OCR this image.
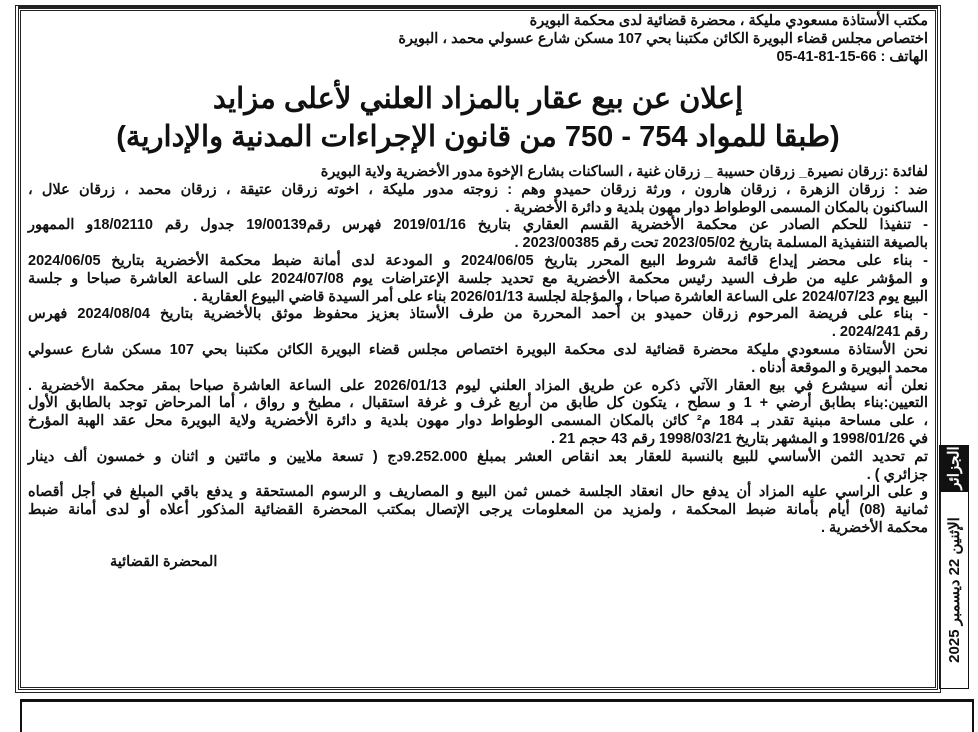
مكتب الأستاذة مسعودي مليكة ، محضرة قضائية لدى محكمة البويرة
اختصاص مجلس قضاء البويرة الكائن مكتبنا بحي 107 مسكن شارع عسولي محمد ، البويرة
الهاتف : 66-15-81-41-05
إعلان عن بيع عقار بالمزاد العلني لأعلى مزايد
(طبقا للمواد 754 - 750 من قانون الإجراءات المدنية والإدارية)
لفائدة :زرقان نصيرة_ زرقان حسيبة _ زرقان غنية ، الساكنات بشارع الإخوة مدور الأخضرية ولاية البويرة
ضد : زرقان الزهرة ، زرقان هارون ، ورثة زرقان حميدو وهم : زوجته مدور مليكة ، اخوته زرقان عتيقة ، زرقان محمد ، زرقان علال ،
الساكنون بالمكان المسمى الوطواط دوار مهون بلدية و دائرة الأخضرية .
- تنفيذا للحكم الصادر عن محكمة الأخضرية القسم العقاري بتاريخ 2019/01/16 فهرس رقم19/00139 جدول رقم 18/02110و الممهور
بالصيغة التنفيذية المسلمة بتاريخ 2023/05/02 تحت رقم 2023/00385 .
- بناء على محضر إيداع قائمة شروط البيع المحرر بتاريخ 2024/06/05 و المودعة لدى أمانة ضبط محكمة الأخضرية بتاريخ 2024/06/05
و المؤشر عليه من طرف السيد رئيس محكمة الأخضرية مع تحديد جلسة الإعتراضات يوم 2024/07/08 على الساعة العاشرة صباحا و جلسة
البيع يوم 2024/07/23 على الساعة العاشرة صباحا ، والمؤجلة لجلسة 2026/01/13 بناء على أمر السيدة قاضي البيوع العقارية .
- بناء على فريضة المرحوم زرقان حميدو بن أحمد المحررة من طرف الأستاذ بعزيز محفوظ موثق بالأخضرية بتاريخ 2024/08/04 فهرس
رقم 2024/241 .
نحن الأستاذة مسعودي مليكة محضرة قضائية لدى محكمة البويرة اختصاص مجلس قضاء البويرة الكائن مكتبنا بحي 107 مسكن شارع عسولي
محمد البويرة و الموقعة أدناه .
نعلن أنه سيشرع في بيع العقار الآتي ذكره عن طريق المزاد العلني ليوم 2026/01/13 على الساعة العاشرة صباحا بمقر محكمة الأخضرية .
التعيين:بناء بطابق أرضي + 1 و سطح ، يتكون كل طابق من أربع غرف و غرفة استقبال ، مطبخ و رواق ، أما المرحاض توجد بالطابق الأول
، على مساحة مبنية تقدر بـ 184 م² كائن بالمكان المسمى الوطواط دوار مهون بلدية و دائرة الأخضرية ولاية البويرة محل عقد الهبة المؤرخ
في 1998/01/26 و المشهر بتاريخ 1998/03/21 رقم 43 حجم 21 .
تم تحديد الثمن الأساسي للبيع بالنسبة للعقار بعد انقاص العشر بمبلغ 9.252.000دج ( تسعة ملايين و مائتين و اثنان و خمسون ألف دينار
جزائري ) .
و على الراسي عليه المزاد أن يدفع حال انعقاد الجلسة خمس ثمن البيع و المصاريف و الرسوم المستحقة و يدفع باقي المبلغ في أجل أقصاه
ثمانية (08) أيام بأمانة ضبط المحكمة ، ولمزيد من المعلومات يرجى الإتصال بمكتب المحضرة القضائية المذكور أعلاه أو لدى أمانة ضبط
محكمة الأخضرية .
المحضرة القضائية
الجزائر
الإثنين 22 ديسمبر 2025
